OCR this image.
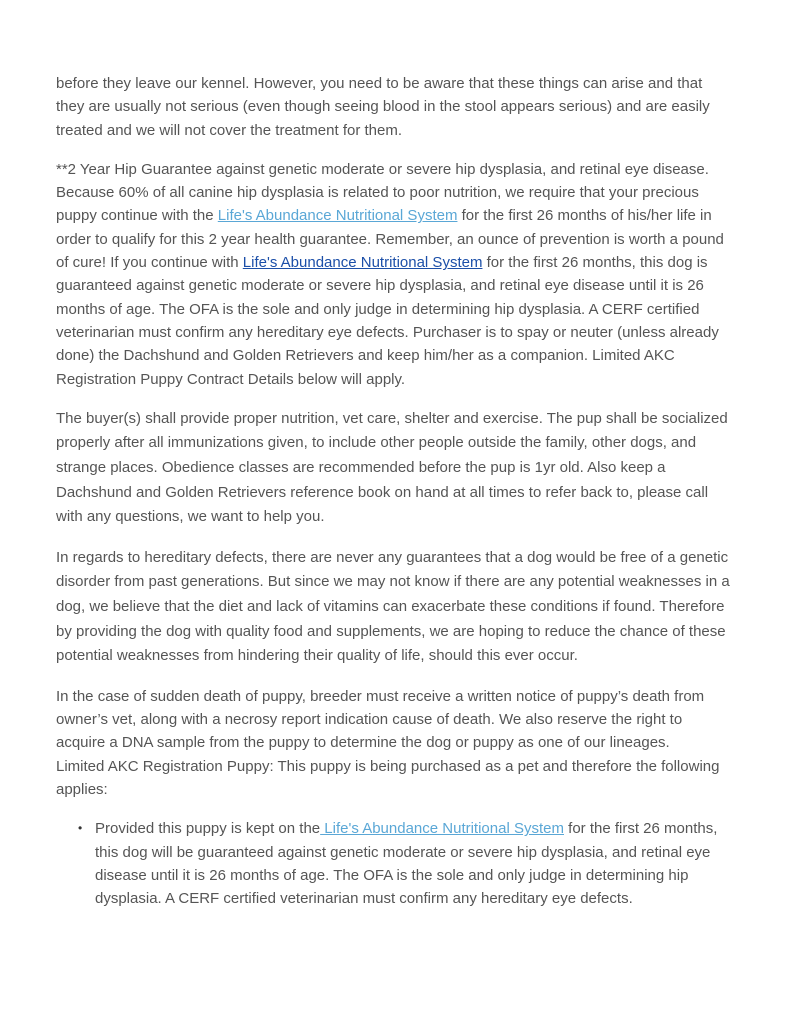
before they leave our kennel. However, you need to be aware that these things can arise and that they are usually not serious (even though seeing blood in the stool appears serious) and are easily treated and we will not cover the treatment for them.

**2 Year Hip Guarantee against genetic moderate or severe hip dysplasia, and retinal eye disease. Because 60% of all canine hip dysplasia is related to poor nutrition, we require that your precious puppy continue with the Life's Abundance Nutritional System for the first 26 months of his/her life in order to qualify for this 2 year health guarantee. Remember, an ounce of prevention is worth a pound of cure! If you continue with Life's Abundance Nutritional System for the first 26 months, this dog is guaranteed against genetic moderate or severe hip dysplasia, and retinal eye disease until it is 26 months of age. The OFA is the sole and only judge in determining hip dysplasia. A CERF certified veterinarian must confirm any hereditary eye defects. Purchaser is to spay or neuter (unless already done) the Dachshund and Golden Retrievers and keep him/her as a companion. Limited AKC Registration Puppy Contract Details below will apply.

The buyer(s) shall provide proper nutrition, vet care, shelter and exercise. The pup shall be socialized properly after all immunizations given, to include other people outside the family, other dogs, and strange places. Obedience classes are recommended before the pup is 1yr old. Also keep a Dachshund and Golden Retrievers reference book on hand at all times to refer back to, please call with any questions, we want to help you.

In regards to hereditary defects, there are never any guarantees that a dog would be free of a genetic disorder from past generations. But since we may not know if there are any potential weaknesses in a dog, we believe that the diet and lack of vitamins can exacerbate these conditions if found. Therefore by providing the dog with quality food and supplements, we are hoping to reduce the chance of these potential weaknesses from hindering their quality of life, should this ever occur.

In the case of sudden death of puppy, breeder must receive a written notice of puppy’s death from owner’s vet, along with a necrosy report indication cause of death. We also reserve the right to acquire a DNA sample from the puppy to determine the dog or puppy as one of our lineages.

Limited AKC Registration Puppy: This puppy is being purchased as a pet and therefore the following applies:

• Provided this puppy is kept on the Life's Abundance Nutritional System for the first 26 months, this dog will be guaranteed against genetic moderate or severe hip dysplasia, and retinal eye disease until it is 26 months of age. The OFA is the sole and only judge in determining hip dysplasia. A CERF certified veterinarian must confirm any hereditary eye defects.
